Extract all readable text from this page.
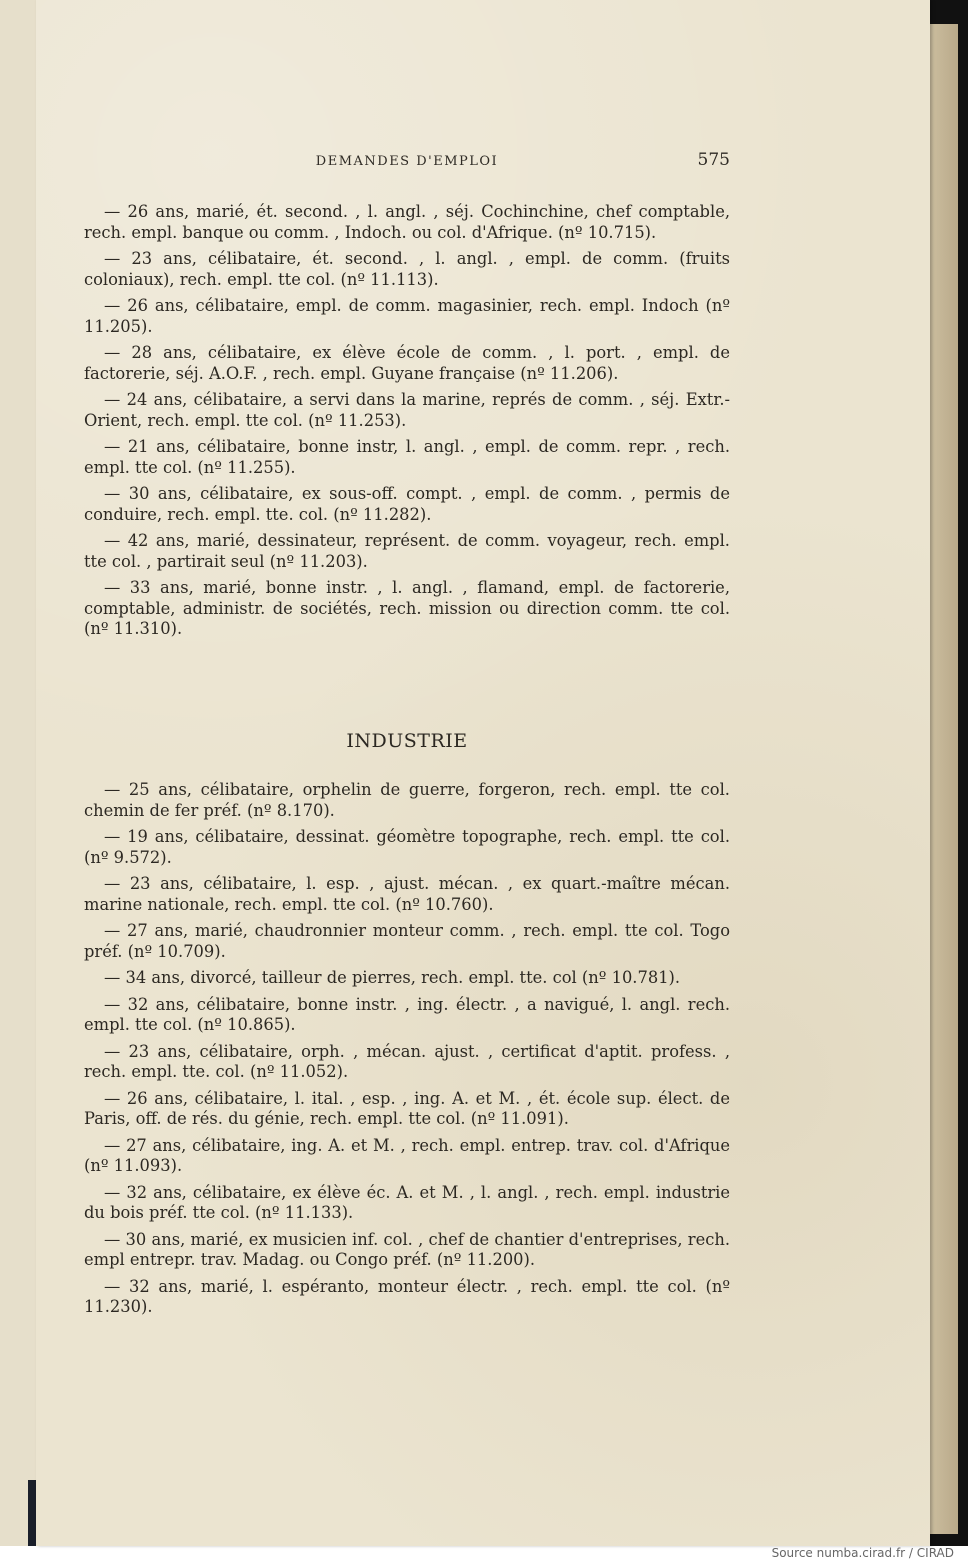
DEMANDES D'EMPLOI	575

— 26 ans, marié, ét. second. , l. angl. , séj. Cochinchine, chef comptable, rech. empl. banque ou comm. , Indoch. ou col. d'Afrique. (nº 10.715).

— 23 ans, célibataire, ét. second. , l. angl. , empl. de comm. (fruits coloniaux), rech. empl. tte col. (nº 11.113).

— 26 ans, célibataire, empl. de comm. magasinier, rech. empl. Indoch (nº 11.205).

— 28 ans, célibataire, ex élève école de comm. , l. port. , empl. de factorerie, séj. A.O.F. , rech. empl. Guyane française (nº 11.206).

— 24 ans, célibataire, a servi dans la marine, représ de comm. , séj. Extr.-Orient, rech. empl. tte col. (nº 11.253).

— 21 ans, célibataire, bonne instr, l. angl. , empl. de comm. repr. , rech. empl. tte col. (nº 11.255).

— 30 ans, célibataire, ex sous-off. compt. , empl. de comm. , permis de conduire, rech. empl. tte. col. (nº 11.282).

— 42 ans, marié, dessinateur, représent. de comm. voyageur, rech. empl. tte col. , partirait seul (nº 11.203).

— 33 ans, marié, bonne instr. , l. angl. , flamand, empl. de factorerie, comptable, administr. de sociétés, rech. mission ou direction comm. tte col. (nº 11.310).

INDUSTRIE

— 25 ans, célibataire, orphelin de guerre, forgeron, rech. empl. tte col. chemin de fer préf. (nº 8.170).

— 19 ans, célibataire, dessinat. géomètre topographe, rech. empl. tte col. (nº 9.572).

— 23 ans, célibataire, l. esp. , ajust. mécan. , ex quart.-maître mécan. marine nationale, rech. empl. tte col. (nº 10.760).

— 27 ans, marié, chaudronnier monteur comm. , rech. empl. tte col. Togo préf. (nº 10.709).

— 34 ans, divorcé, tailleur de pierres, rech. empl. tte. col (nº 10.781).

— 32 ans, célibataire, bonne instr. , ing. électr. , a navigué, l. angl. rech. empl. tte col. (nº 10.865).

— 23 ans, célibataire, orph. , mécan. ajust. , certificat d'aptit. profess. , rech. empl. tte. col. (nº 11.052).

— 26 ans, célibataire, l. ital. , esp. , ing. A. et M. , ét. école sup. élect. de Paris, off. de rés. du génie, rech. empl. tte col. (nº 11.091).

— 27 ans, célibataire, ing. A. et M. , rech. empl. entrep. trav. col. d'Afrique (nº 11.093).

— 32 ans, célibataire, ex élève éc. A. et M. , l. angl. , rech. empl. industrie du bois préf. tte col. (nº 11.133).

— 30 ans, marié, ex musicien inf. col. , chef de chantier d'entreprises, rech. empl entrepr. trav. Madag. ou Congo préf. (nº 11.200).

— 32 ans, marié, l. espéranto, monteur électr. , rech. empl. tte col. (nº 11.230).

Source numba.cirad.fr / CIRAD
